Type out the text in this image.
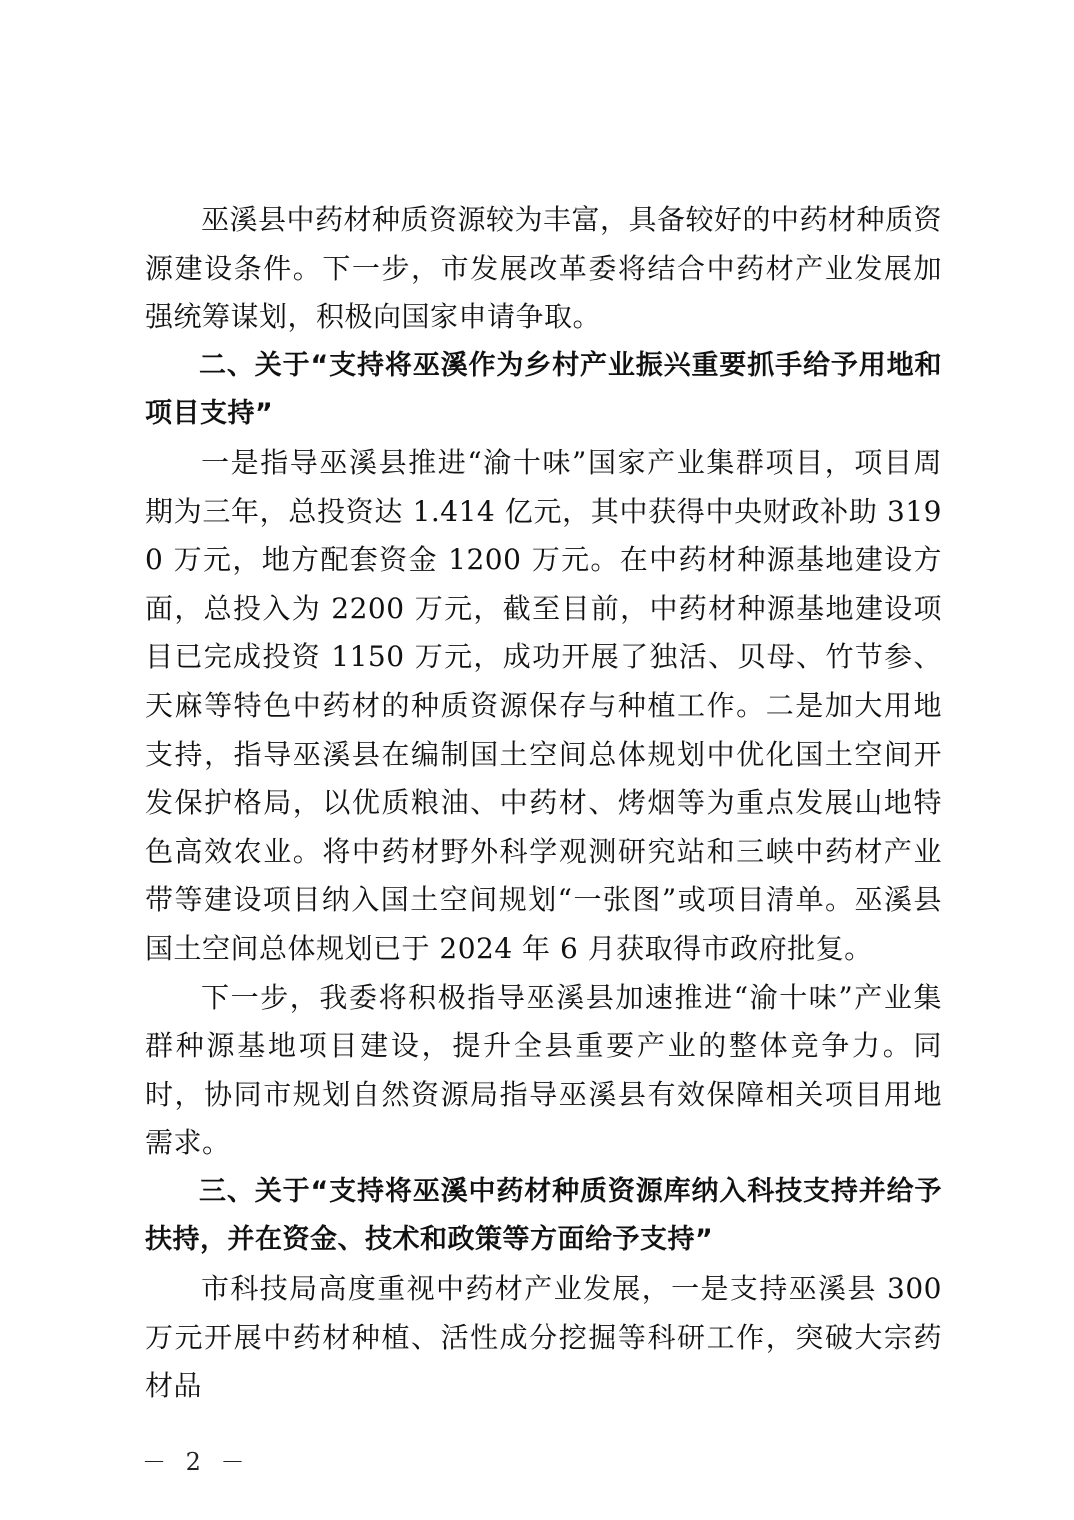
巫溪县中药材种质资源较为丰富，具备较好的中药材种质资源建设条件。下一步，市发展改革委将结合中药材产业发展加强统筹谋划，积极向国家申请争取。

二、关于“支持将巫溪作为乡村产业振兴重要抓手给予用地和项目支持”

一是指导巫溪县推进“渝十味”国家产业集群项目，项目周期为三年，总投资达 1.414 亿元，其中获得中央财政补助 3190 万元，地方配套资金 1200 万元。在中药材种源基地建设方面，总投入为 2200 万元，截至目前，中药材种源基地建设项目已完成投资 1150 万元，成功开展了独活、贝母、竹节参、天麻等特色中药材的种质资源保存与种植工作。二是加大用地支持，指导巫溪县在编制国土空间总体规划中优化国土空间开发保护格局，以优质粮油、中药材、烤烟等为重点发展山地特色高效农业。将中药材野外科学观测研究站和三峡中药材产业带等建设项目纳入国土空间规划“一张图”或项目清单。巫溪县国土空间总体规划已于 2024 年 6 月获取得市政府批复。

下一步，我委将积极指导巫溪县加速推进“渝十味”产业集群种源基地项目建设，提升全县重要产业的整体竞争力。同时，协同市规划自然资源局指导巫溪县有效保障相关项目用地需求。

三、关于“支持将巫溪中药材种质资源库纳入科技支持并给予扶持，并在资金、技术和政策等方面给予支持”

市科技局高度重视中药材产业发展，一是支持巫溪县 300 万元开展中药材种植、活性成分挖掘等科研工作，突破大宗药材品

－ 2 －
